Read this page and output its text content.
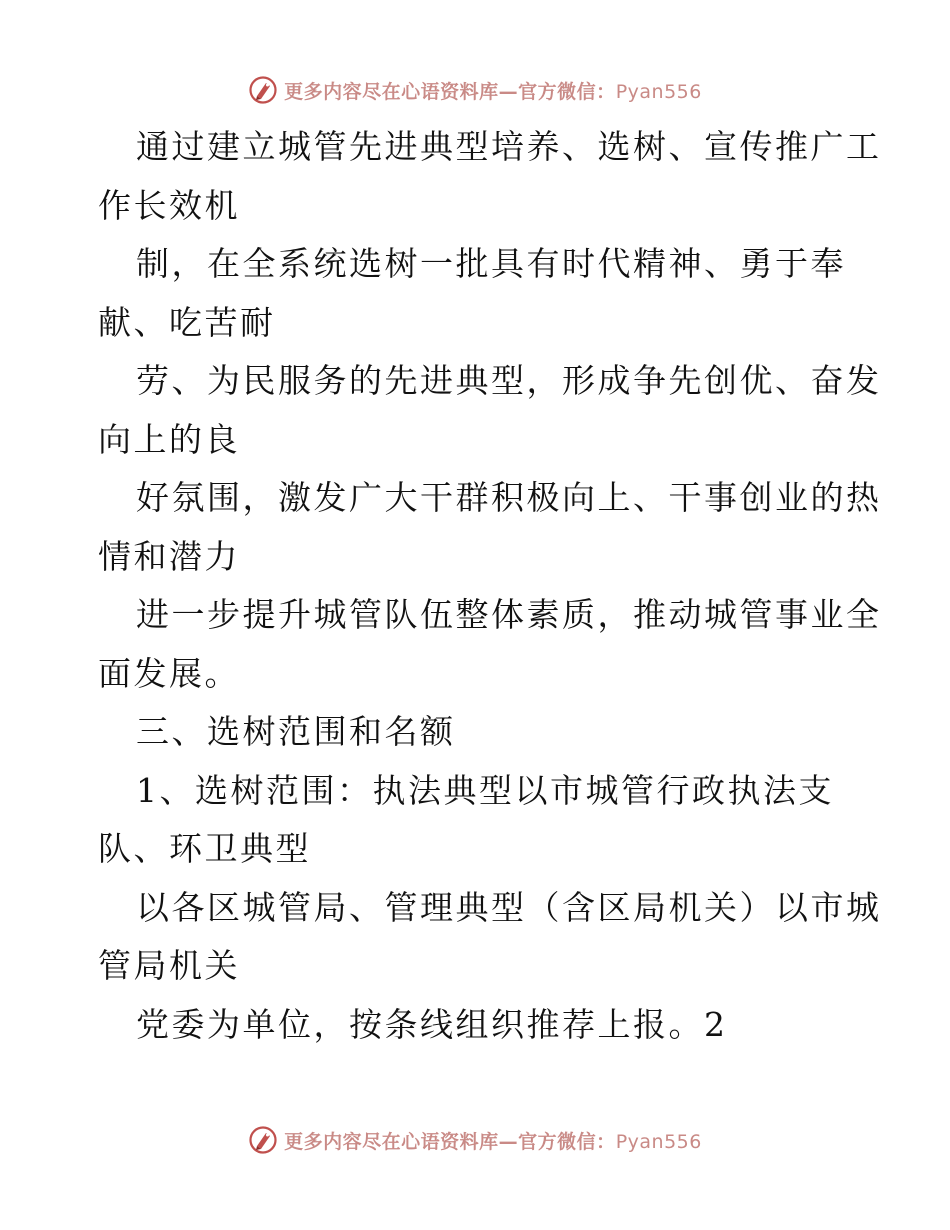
更多内容尽在心语资料库—官方微信：Pyan556
通过建立城管先进典型培养、选树、宣传推广工
作长效机
制，在全系统选树一批具有时代精神、勇于奉
献、吃苦耐
劳、为民服务的先进典型，形成争先创优、奋发
向上的良
好氛围，激发广大干群积极向上、干事创业的热
情和潜力
进一步提升城管队伍整体素质，推动城管事业全
面发展。
三、选树范围和名额
1、选树范围：执法典型以市城管行政执法支
队、环卫典型
以各区城管局、管理典型（含区局机关）以市城
管局机关
党委为单位，按条线组织推荐上报。2
更多内容尽在心语资料库—官方微信：Pyan556
